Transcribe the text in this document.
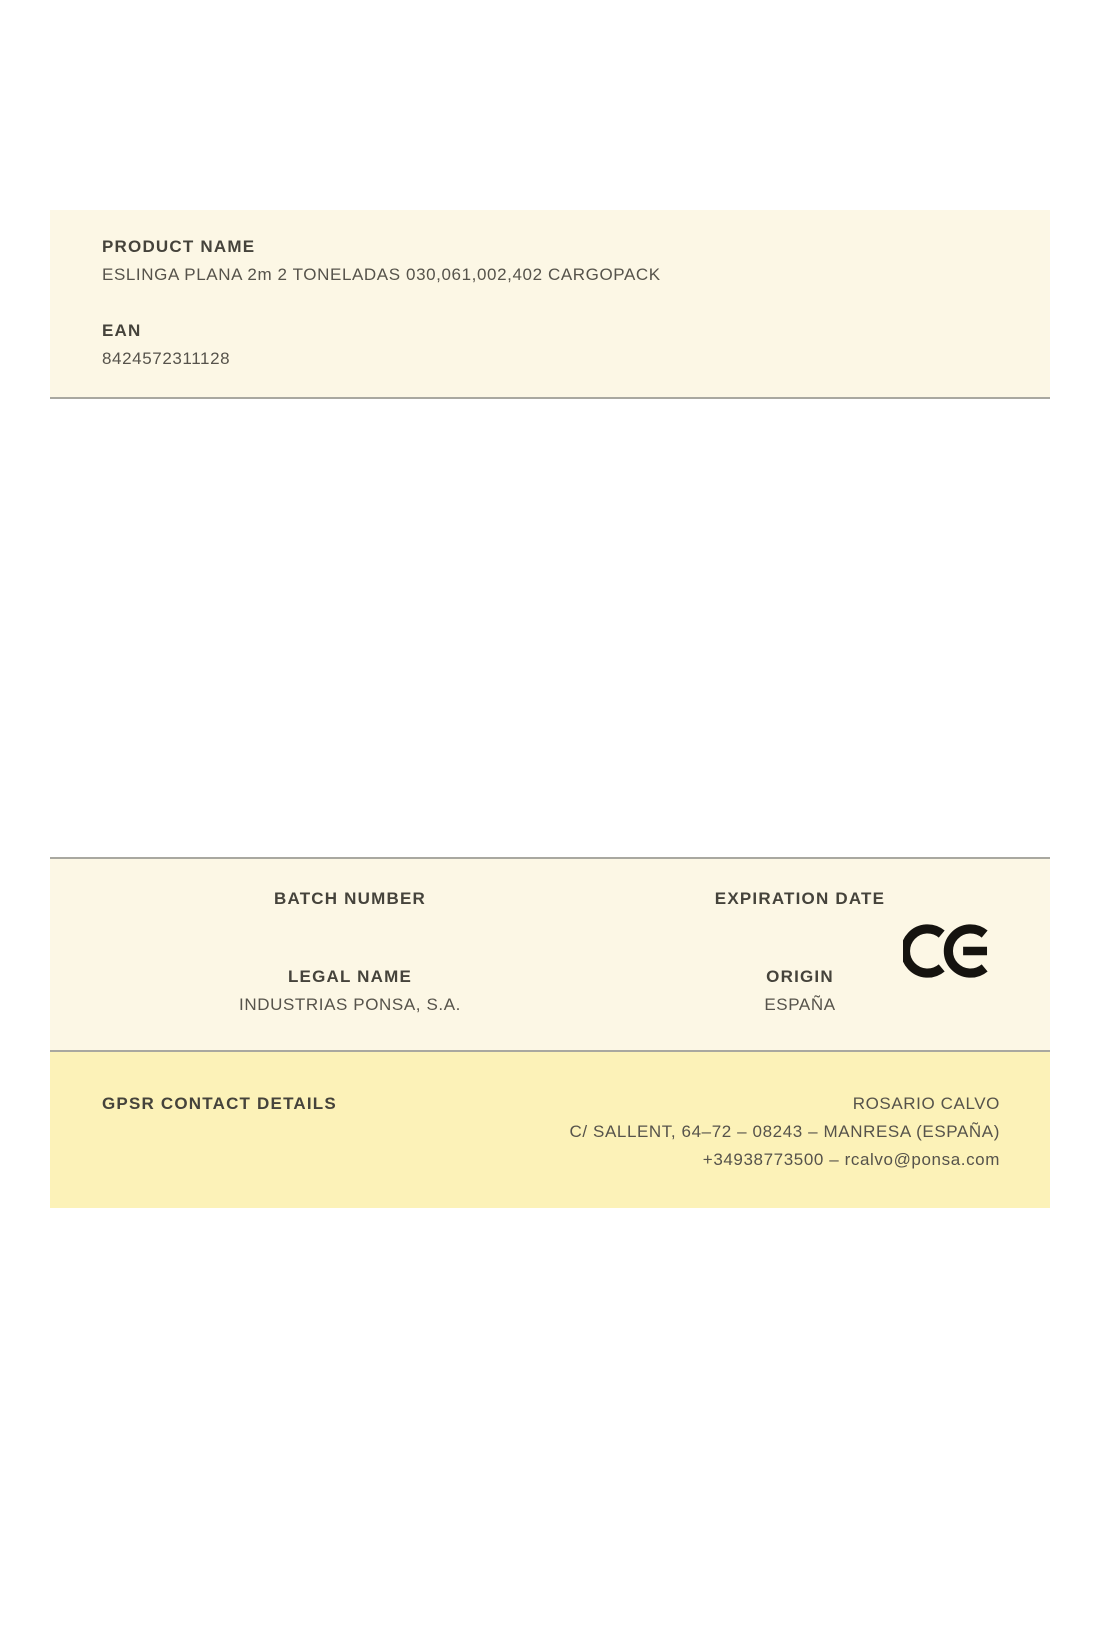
PRODUCT NAME
ESLINGA PLANA 2m 2 TONELADAS 030,061,002,402 CARGOPACK
EAN
8424572311128
BATCH NUMBER	EXPIRATION DATE
LEGAL NAME
INDUSTRIAS PONSA, S.A.
ORIGIN
ESPAÑA
GPSR CONTACT DETAILS	ROSARIO CALVO
C/ SALLENT, 64–72 – 08243 – MANRESA (ESPAÑA)
+34938773500 – rcalvo@ponsa.com
